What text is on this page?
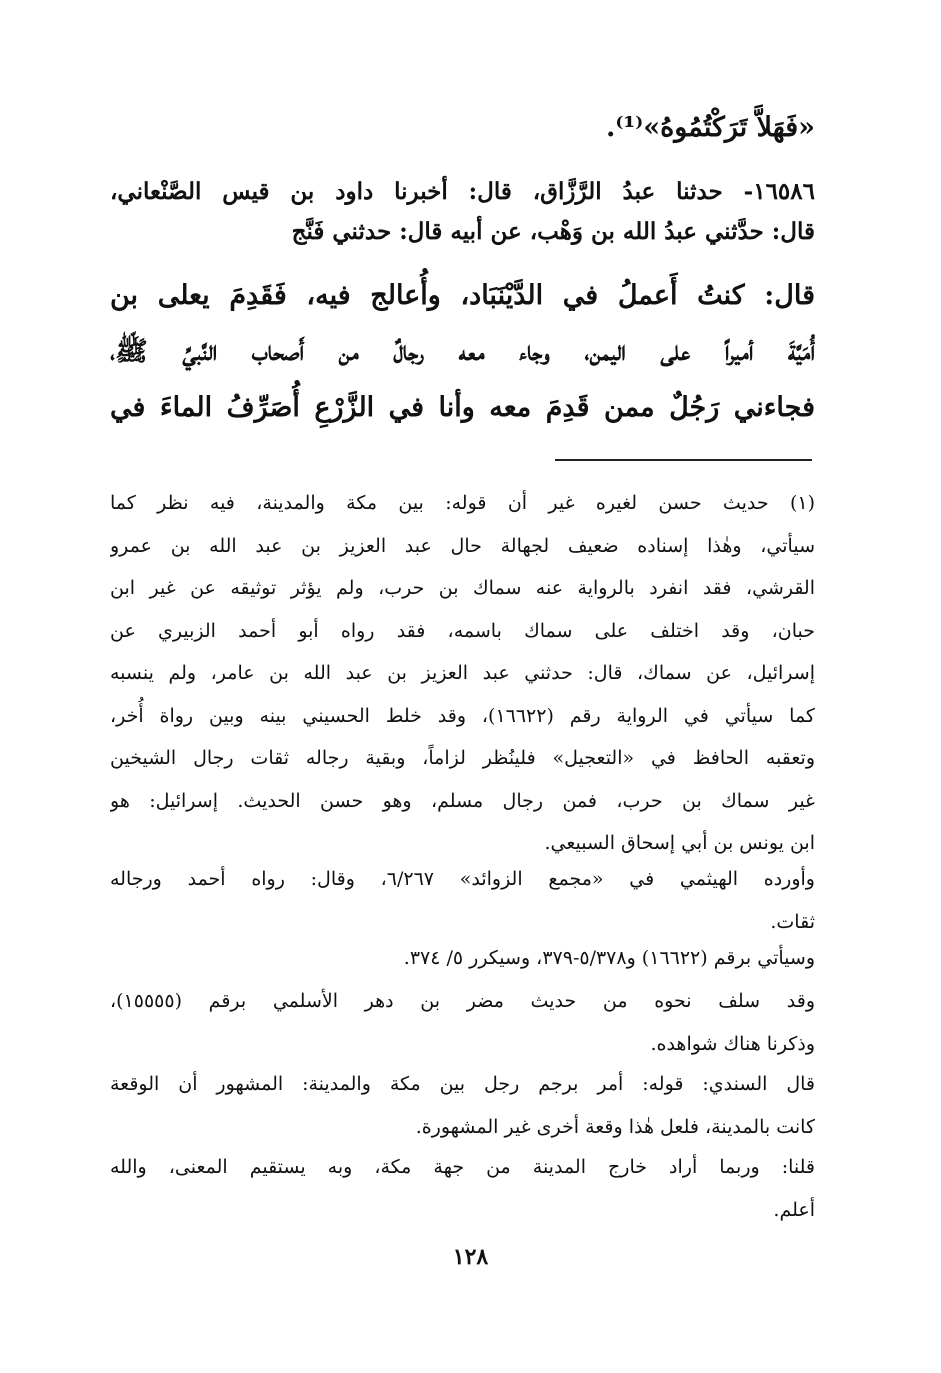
«فَهَلاَّ تَرَكْتُمُوهُ»⁽¹⁾.
١٦٥٨٦- حدثنا عبدُ الرَّزَّاق، قال: أخبرنا داود بن قيس الصَّنْعاني،
قال: حدَّثني عبدُ الله بن وَهْب، عن أبيه قال: حدثني فَنَّج
قال: كنتُ أَعملُ في الدَّيْنَبَاد، وأُعالج فيه، فَقَدِمَ يعلى بن
أُمَيَّةَ أميراً على اليمن، وجاء معه رجالٌ من أَصحاب النَّبيِّ ﷺ،
فجاءني رَجُلٌ ممن قَدِمَ معه وأنا في الزَّرْعِ أُصَرِّفُ الماءَ في
(١) حديث حسن لغيره غير أن قوله: بين مكة والمدينة، فيه نظر كما
سيأتي، وهٰذا إسناده ضعيف لجهالة حال عبد العزيز بن عبد الله بن عمرو
القرشي، فقد انفرد بالرواية عنه سماك بن حرب، ولم يؤثر توثيقه عن غير ابن
حبان، وقد اختلف على سماك باسمه، فقد رواه أبو أحمد الزبيري عن
إسرائيل، عن سماك، قال: حدثني عبد العزيز بن عبد الله بن عامر، ولم ينسبه
كما سيأتي في الرواية رقم (١٦٦٢٢)، وقد خلط الحسيني بينه وبين رواة أُخر،
وتعقبه الحافظ في «التعجيل» فلينُظر لزاماً، وبقية رجاله ثقات رجال الشيخين
غير سماك بن حرب، فمن رجال مسلم، وهو حسن الحديث. إسرائيل: هو
ابن يونس بن أبي إسحاق السبيعي.
وأورده الهيثمي في «مجمع الزوائد» ٦/٢٦٧، وقال: رواه أحمد ورجاله
ثقات.
وسيأتي برقم (١٦٦٢٢) و٥/٣٧٨-٣٧٩، وسيكرر ٥/ ٣٧٤.
وقد سلف نحوه من حديث مضر بن دهر الأسلمي برقم (١٥٥٥٥)،
وذكرنا هناك شواهده.
قال السندي: قوله: أمر برجم رجل بين مكة والمدينة: المشهور أن الوقعة
كانت بالمدينة، فلعل هٰذا وقعة أخرى غير المشهورة.
قلنا: وربما أراد خارج المدينة من جهة مكة، وبه يستقيم المعنى، والله
أعلم.
١٢٨
